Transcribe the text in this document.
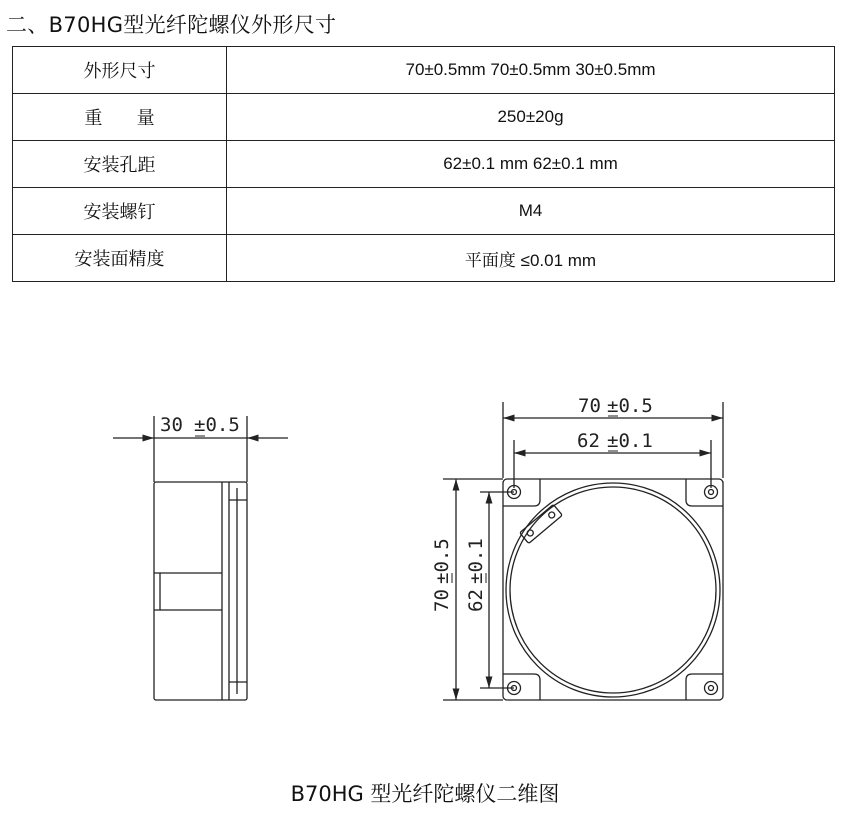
二、B70HG型光纤陀螺仪外形尺寸
外形尺寸	70±0.5mm 70±0.5mm 30±0.5mm
重      量	250±20g
安装孔距	62±0.1 mm 62±0.1 mm
安装螺钉	M4
安装面精度	平面度 ≤0.01 mm
30 ±0.5
70 ±0.5
62 ±0.1
70
±0.5
62
±0.1
B70HG 型光纤陀螺仪二维图
